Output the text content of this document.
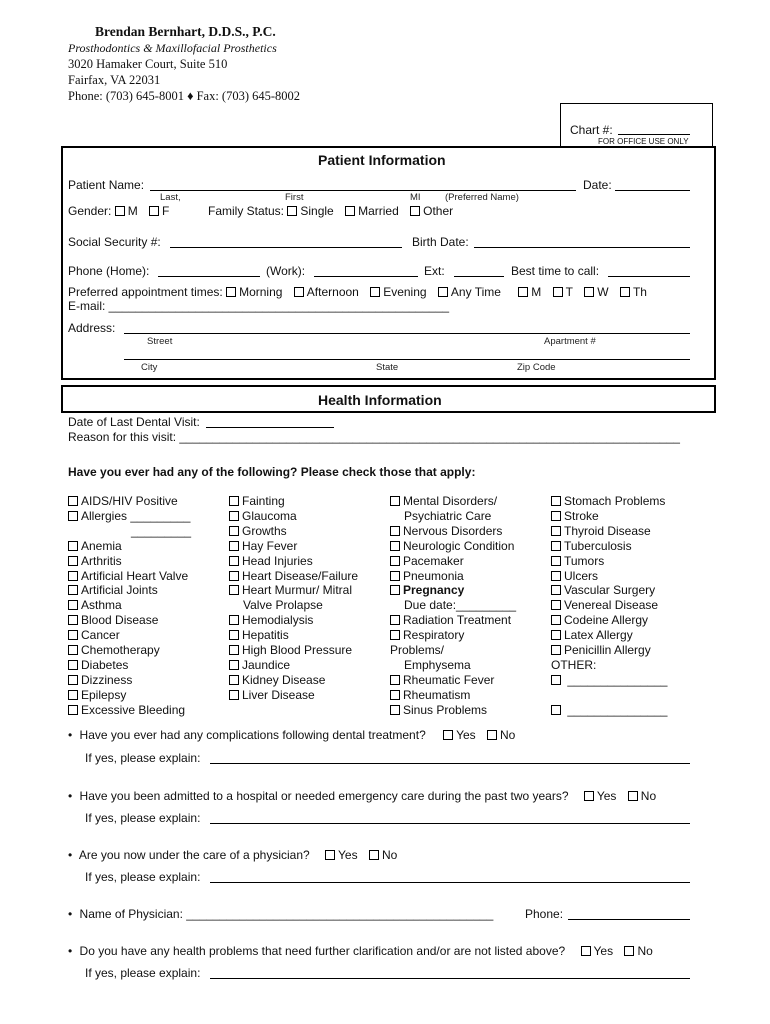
Brendan Bernhart, D.D.S., P.C.
Prosthodontics & Maxillofacial Prosthetics
3020 Hamaker Court, Suite 510
Fairfax, VA 22031
Phone: (703) 645-8001 ♦ Fax: (703) 645-8002
Chart #:
FOR OFFICE USE ONLY
Patient Information
Patient Name:	Date:
Last,	First	MI	(Preferred Name)
Gender: M F	Family Status: Single Married Other
Social Security #:	Birth Date:
Phone (Home):	(Work):	Ext:	Best time to call:
Preferred appointment times: Morning Afternoon Evening Any Time	M T W Th
E-mail: ___________________________________________________
Address:
Street	Apartment #
City	State	Zip Code
Health Information
Date of Last Dental Visit:
Reason for this visit: ___________________________________________________________________________
Have you ever had any of the following? Please check those that apply:
AIDS/HIV Positive
Allergies _________
_________
Anemia
Arthritis
Artificial Heart Valve
Artificial Joints
Asthma
Blood Disease
Cancer
Chemotherapy
Diabetes
Dizziness
Epilepsy
Excessive Bleeding
Fainting
Glaucoma
Growths
Hay Fever
Head Injuries
Heart Disease/Failure
Heart Murmur/ Mitral
Valve Prolapse
Hemodialysis
Hepatitis
High Blood Pressure
Jaundice
Kidney Disease
Liver Disease
Mental Disorders/
Psychiatric Care
Nervous Disorders
Neurologic Condition
Pacemaker
Pneumonia
Pregnancy
Due date:_________
Radiation Treatment
Respiratory
Problems/
Emphysema
Rheumatic Fever
Rheumatism
Sinus Problems
Stomach Problems
Stroke
Thyroid Disease
Tuberculosis
Tumors
Ulcers
Vascular Surgery
Venereal Disease
Codeine Allergy
Latex Allergy
Penicillin Allergy
OTHER:
_______________

_______________
• Have you ever had any complications following dental treatment?	Yes No
If yes, please explain:
• Have you been admitted to a hospital or needed emergency care during the past two years? Yes No
If yes, please explain:
• Are you now under the care of a physician? Yes No
If yes, please explain:
• Name of Physician: ______________________________________________	Phone:
• Do you have any health problems that need further clarification and/or are not listed above? Yes No
If yes, please explain:
